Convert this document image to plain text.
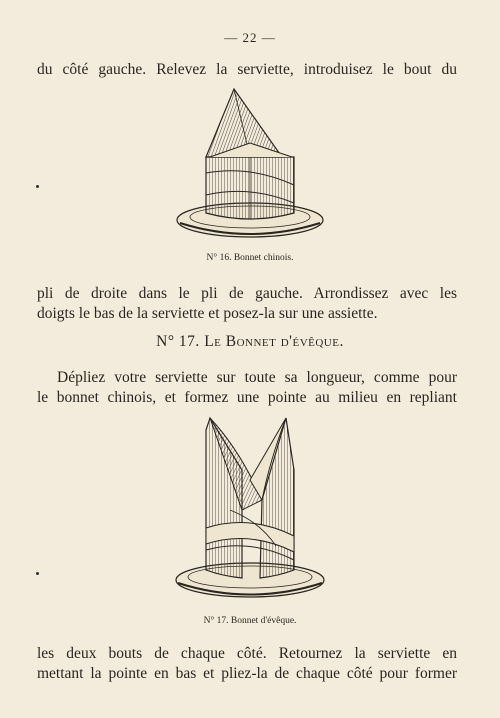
— 22 —
du côté gauche. Relevez la serviette, introduisez le bout du
N° 16. Bonnet chinois.
pli de droite dans le pli de gauche. Arrondissez avec les
doigts le bas de la serviette et posez-la sur une assiette.
N° 17. Le Bonnet d'évêque.
Dépliez votre serviette sur toute sa longueur, comme pour
le bonnet chinois, et formez une pointe au milieu en repliant
N° 17. Bonnet d'évêque.
les deux bouts de chaque côté. Retournez la serviette en
mettant la pointe en bas et pliez-la de chaque côté pour former
